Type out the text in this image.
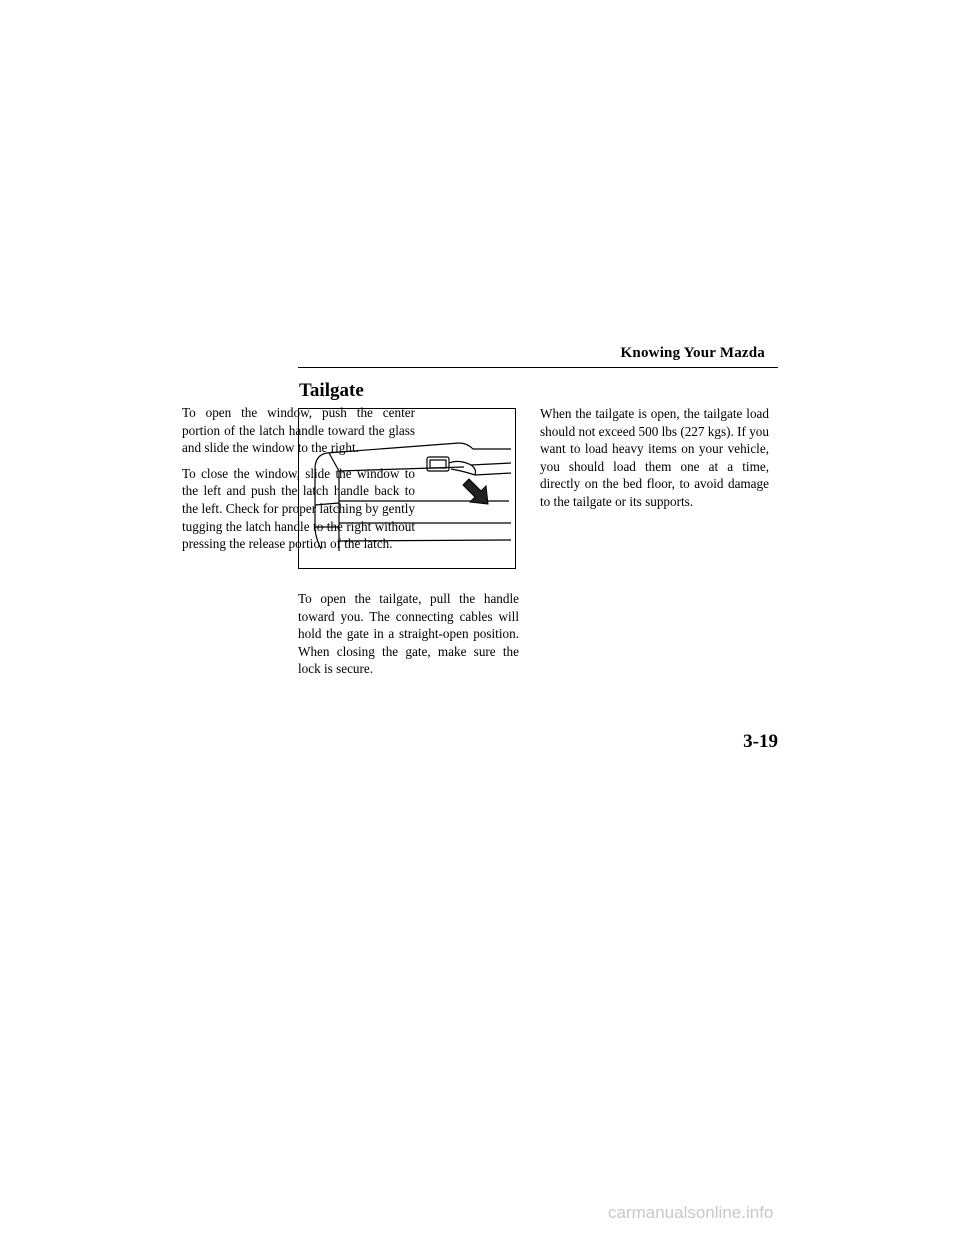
Knowing Your Mazda
Tailgate

To open the window, push the center portion of the latch handle toward the glass and slide the window to the right.

To close the window, slide the window to the left and push the latch handle back to the left. Check for proper latching by gently tugging the latch handle to the right without pressing the release portion of the latch.

To open the tailgate, pull the handle toward you. The connecting cables will hold the gate in a straight-open position. When closing the gate, make sure the lock is secure.

When the tailgate is open, the tailgate load should not exceed 500 lbs (227 kgs). If you want to load heavy items on your vehicle, you should load them one at a time, directly on the bed floor, to avoid damage to the tailgate or its supports.

3-19
carmanualsonline.info
